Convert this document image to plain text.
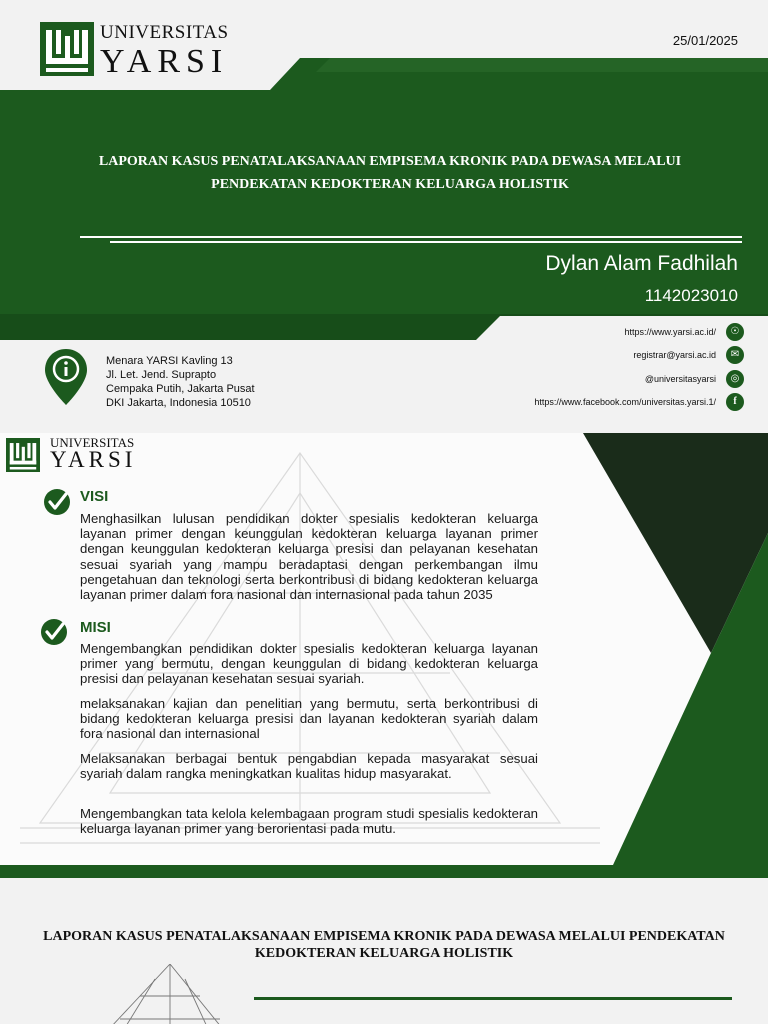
UNIVERSITAS
YARSI
25/01/2025
LAPORAN KASUS PENATALAKSANAAN EMPISEMA KRONIK PADA DEWASA MELALUI PENDEKATAN KEDOKTERAN KELUARGA HOLISTIK
Dylan Alam Fadhilah
1142023010
Menara YARSI Kavling 13
Jl. Let. Jend. Suprapto
Cempaka Putih, Jakarta Pusat
DKI Jakarta, Indonesia 10510
https://www.yarsi.ac.id/	☉
registrar@yarsi.ac.id	✉
@universitasyarsi	◎
https://www.facebook.com/universitas.yarsi.1/	f
UNIVERSITAS
YARSI
VISI
Menghasilkan lulusan pendidikan dokter spesialis kedokteran keluarga layanan primer dengan keunggulan kedokteran keluarga layanan primer dengan keunggulan kedokteran keluarga presisi dan pelayanan kesehatan sesuai syariah yang mampu beradaptasi dengan perkembangan ilmu pengetahuan dan teknologi serta berkontribusi di bidang kedokteran keluarga layanan primer dalam fora nasional dan internasional pada tahun 2035
MISI
Mengembangkan pendidikan dokter spesialis kedokteran keluarga layanan primer yang bermutu, dengan keunggulan di bidang kedokteran keluarga presisi dan pelayanan kesehatan sesuai syariah.
melaksanakan kajian dan penelitian yang bermutu, serta berkontribusi di bidang kedokteran keluarga presisi dan layanan kedokteran syariah dalam fora nasional dan internasional
Melaksanakan berbagai bentuk pengabdian kepada masyarakat sesuai syariah dalam rangka meningkatkan kualitas hidup masyarakat.
Mengembangkan tata kelola kelembagaan program studi spesialis kedokteran keluarga layanan primer yang berorientasi pada mutu.
LAPORAN KASUS PENATALAKSANAAN EMPISEMA KRONIK PADA DEWASA MELALUI PENDEKATAN KEDOKTERAN KELUARGA HOLISTIK
